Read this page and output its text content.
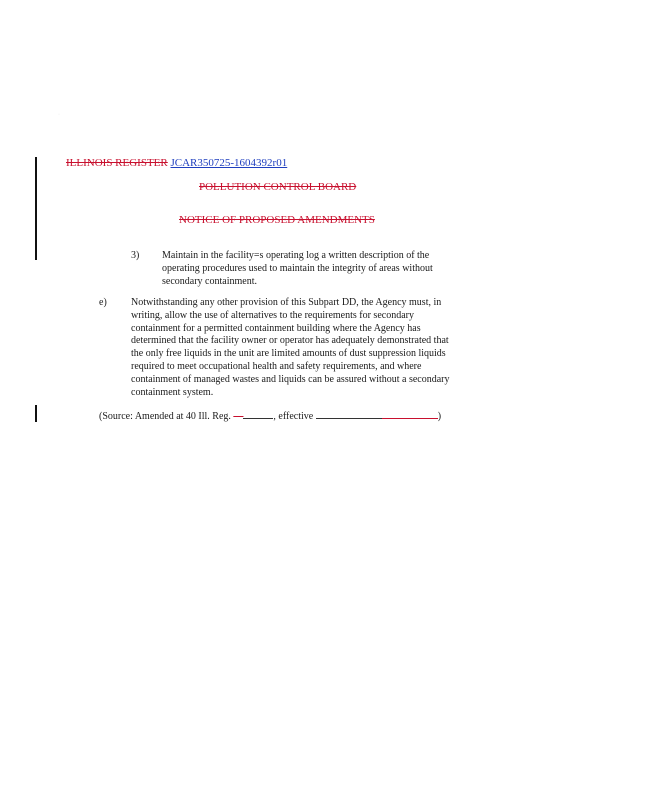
·
ILLINOIS REGISTER JCAR350725-1604392r01
POLLUTION CONTROL BOARD
NOTICE OF PROPOSED AMENDMENTS
3) Maintain in the facility=s operating log a written description of the
operating procedures used to maintain the integrity of areas without
secondary containment.
e) Notwithstanding any other provision of this Subpart DD, the Agency must, in
writing, allow the use of alternatives to the requirements for secondary
containment for a permitted containment building where the Agency has
determined that the facility owner or operator has adequately demonstrated that
the only free liquids in the unit are limited amounts of dust suppression liquids
required to meet occupational health and safety requirements, and where
containment of managed wastes and liquids can be assured without a secondary
containment system.
(Source: Amended at 40 Ill. Reg. —	, effective	)
